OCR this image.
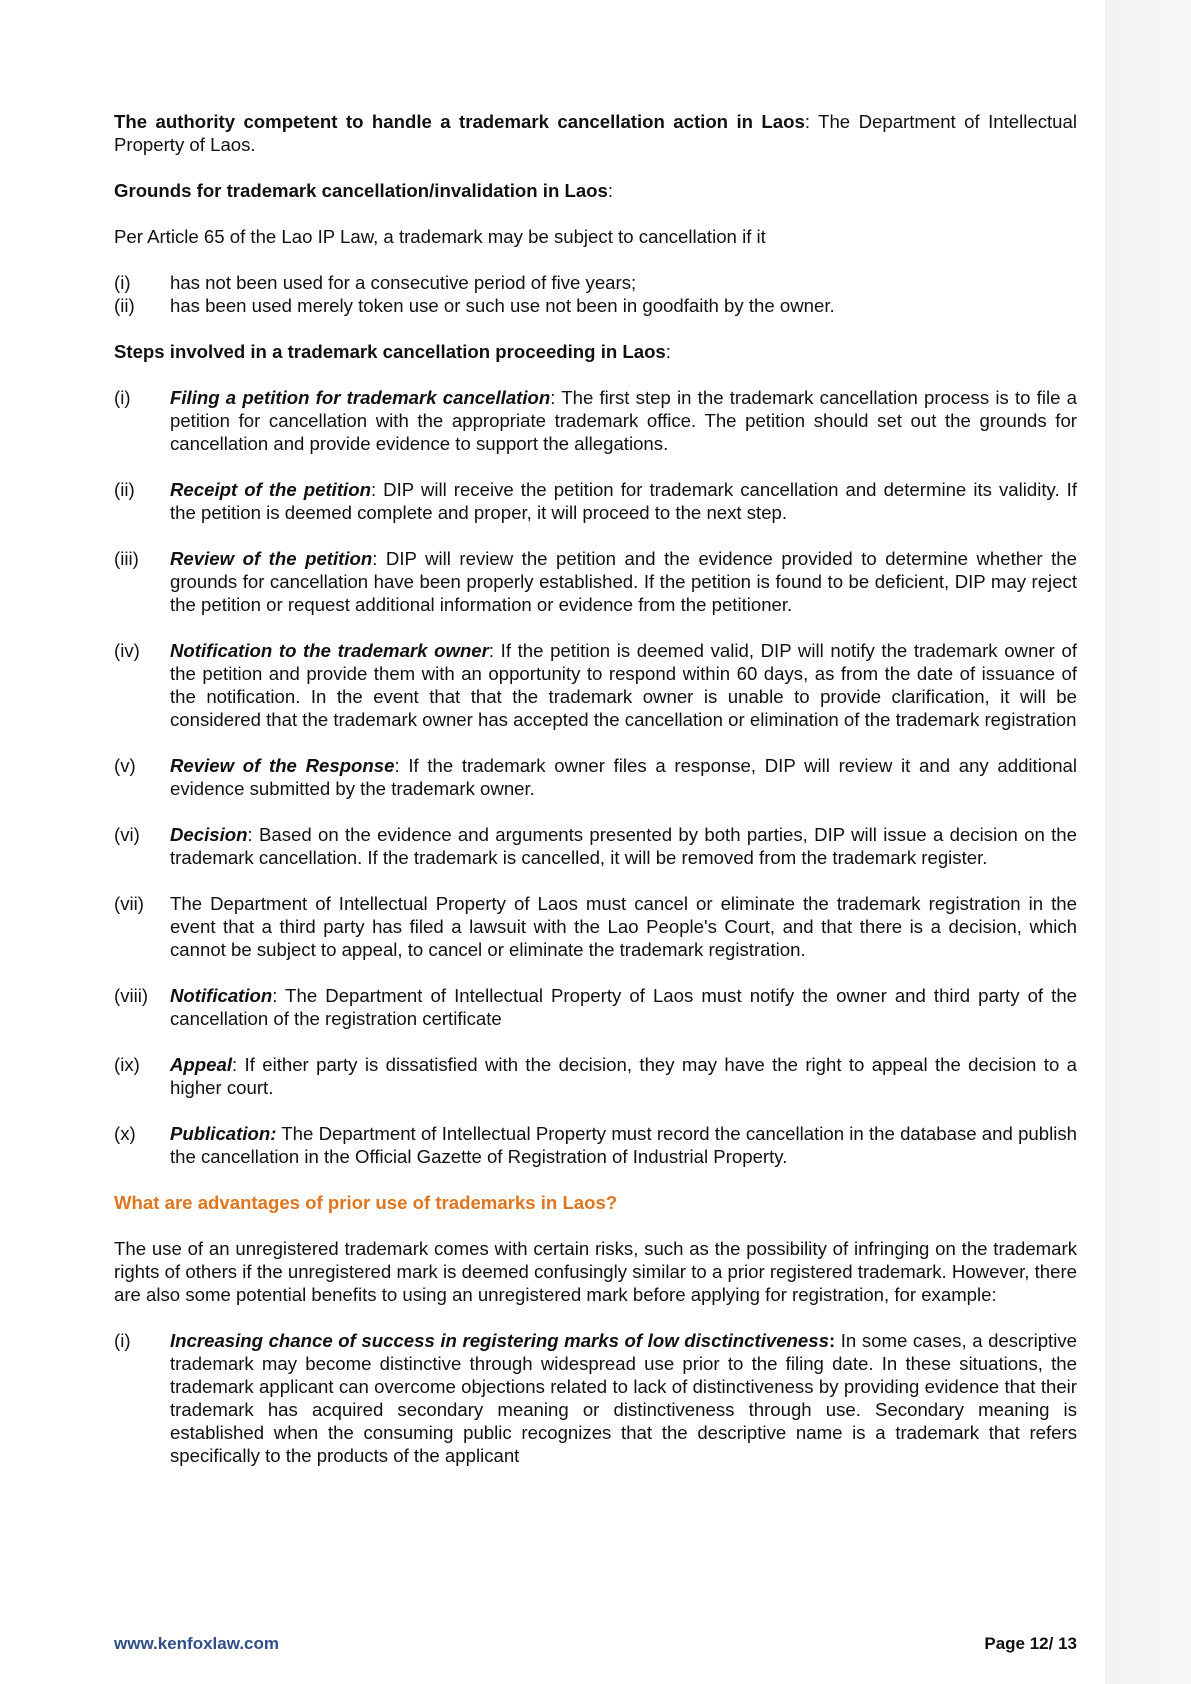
The authority competent to handle a trademark cancellation action in Laos: The Department of Intellectual Property of Laos.

Grounds for trademark cancellation/invalidation in Laos:

Per Article 65 of the Lao IP Law, a trademark may be subject to cancellation if it

(i)	has not been used for a consecutive period of five years;
(ii)	has been used merely token use or such use not been in goodfaith by the owner.

Steps involved in a trademark cancellation proceeding in Laos:

(i)	Filing a petition for trademark cancellation: The first step in the trademark cancellation process is to file a petition for cancellation with the appropriate trademark office. The petition should set out the grounds for cancellation and provide evidence to support the allegations.
(ii)	Receipt of the petition: DIP will receive the petition for trademark cancellation and determine its validity. If the petition is deemed complete and proper, it will proceed to the next step.
(iii)	Review of the petition: DIP will review the petition and the evidence provided to determine whether the grounds for cancellation have been properly established. If the petition is found to be deficient, DIP may reject the petition or request additional information or evidence from the petitioner.
(iv)	Notification to the trademark owner: If the petition is deemed valid, DIP will notify the trademark owner of the petition and provide them with an opportunity to respond within 60 days, as from the date of issuance of the notification. In the event that that the trademark owner is unable to provide clarification, it will be considered that the trademark owner has accepted the cancellation or elimination of the trademark registration
(v)	Review of the Response: If the trademark owner files a response, DIP will review it and any additional evidence submitted by the trademark owner.
(vi)	Decision: Based on the evidence and arguments presented by both parties, DIP will issue a decision on the trademark cancellation. If the trademark is cancelled, it will be removed from the trademark register.
(vii)	The Department of Intellectual Property of Laos must cancel or eliminate the trademark registration in the event that a third party has filed a lawsuit with the Lao People's Court, and that there is a decision, which cannot be subject to appeal, to cancel or eliminate the trademark registration.
(viii)	Notification: The Department of Intellectual Property of Laos must notify the owner and third party of the cancellation of the registration certificate
(ix)	Appeal: If either party is dissatisfied with the decision, they may have the right to appeal the decision to a higher court.
(x)	Publication: The Department of Intellectual Property must record the cancellation in the database and publish the cancellation in the Official Gazette of Registration of Industrial Property.

What are advantages of prior use of trademarks in Laos?

The use of an unregistered trademark comes with certain risks, such as the possibility of infringing on the trademark rights of others if the unregistered mark is deemed confusingly similar to a prior registered trademark. However, there are also some potential benefits to using an unregistered mark before applying for registration, for example:

(i)	Increasing chance of success in registering marks of low disctinctiveness: In some cases, a descriptive trademark may become distinctive through widespread use prior to the filing date. In these situations, the trademark applicant can overcome objections related to lack of distinctiveness by providing evidence that their trademark has acquired secondary meaning or distinctiveness through use. Secondary meaning is established when the consuming public recognizes that the descriptive name is a trademark that refers specifically to the products of the applicant
www.kenfoxlaw.com	Page 12/ 13
